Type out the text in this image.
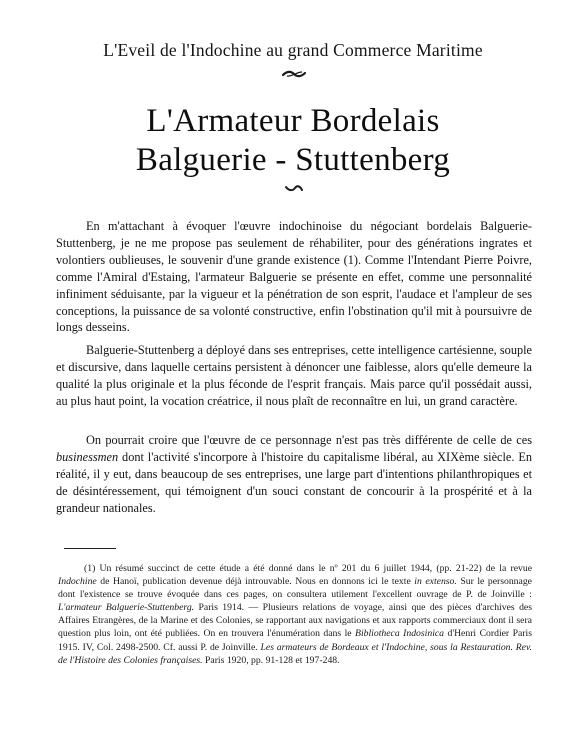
L'Eveil de l'Indochine au grand Commerce Maritime
L'Armateur Bordelais
Balguerie - Stuttenberg

En m'attachant à évoquer l'œuvre indochinoise du négociant bordelais Balguerie-Stuttenberg, je ne me propose pas seulement de réhabiliter, pour des générations ingrates et volontiers oublieuses, le souvenir d'une grande existence (1). Comme l'Intendant Pierre Poivre, comme l'Amiral d'Estaing, l'armateur Balguerie se présente en effet, comme une personnalité infiniment séduisante, par la vigueur et la pénétration de son esprit, l'audace et l'ampleur de ses conceptions, la puissance de sa volonté constructive, enfin l'obstination qu'il mit à poursuivre de longs desseins.

Balguerie-Stuttenberg a déployé dans ses entreprises, cette intelligence cartésienne, souple et discursive, dans laquelle certains persistent à dénoncer une faiblesse, alors qu'elle demeure la qualité la plus originale et la plus féconde de l'esprit français. Mais parce qu'il possédait aussi, au plus haut point, la vocation créatrice, il nous plaît de reconnaître en lui, un grand caractère.

On pourrait croire que l'œuvre de ce personnage n'est pas très différente de celle de ces businessmen dont l'activité s'incorpore à l'histoire du capitalisme libéral, au XIXème siècle. En réalité, il y eut, dans beaucoup de ses entreprises, une large part d'intentions philanthropiques et de désintéressement, qui témoignent d'un souci constant de concourir à la prospérité et à la grandeur nationales.

(1) Un résumé succinct de cette étude a été donné dans le nº 201 du 6 juillet 1944, (pp. 21-22) de la revue Indochine de Hanoï, publication devenue déjà introuvable. Nous en donnons ici le texte in extenso. Sur le personnage dont l'existence se trouve évoquée dans ces pages, on consultera utilement l'excellent ouvrage de P. de Joinville : L'armateur Balguerie-Stuttenberg. Paris 1914. — Plusieurs relations de voyage, ainsi que des pièces d'archives des Affaires Etrangères, de la Marine et des Colonies, se rapportant aux navigations et aux rapports commerciaux dont il sera question plus loin, ont été publiées. On en trouvera l'énumération dans le Bibliotheca Indosinica d'Henri Cordier Paris 1915. IV, Col. 2498-2500. Cf. aussi P. de Joinville. Les armateurs de Bordeaux et l'Indochine, sous la Restauration. Rev. de l'Histoire des Colonies françaises. Paris 1920, pp. 91-128 et 197-248.
